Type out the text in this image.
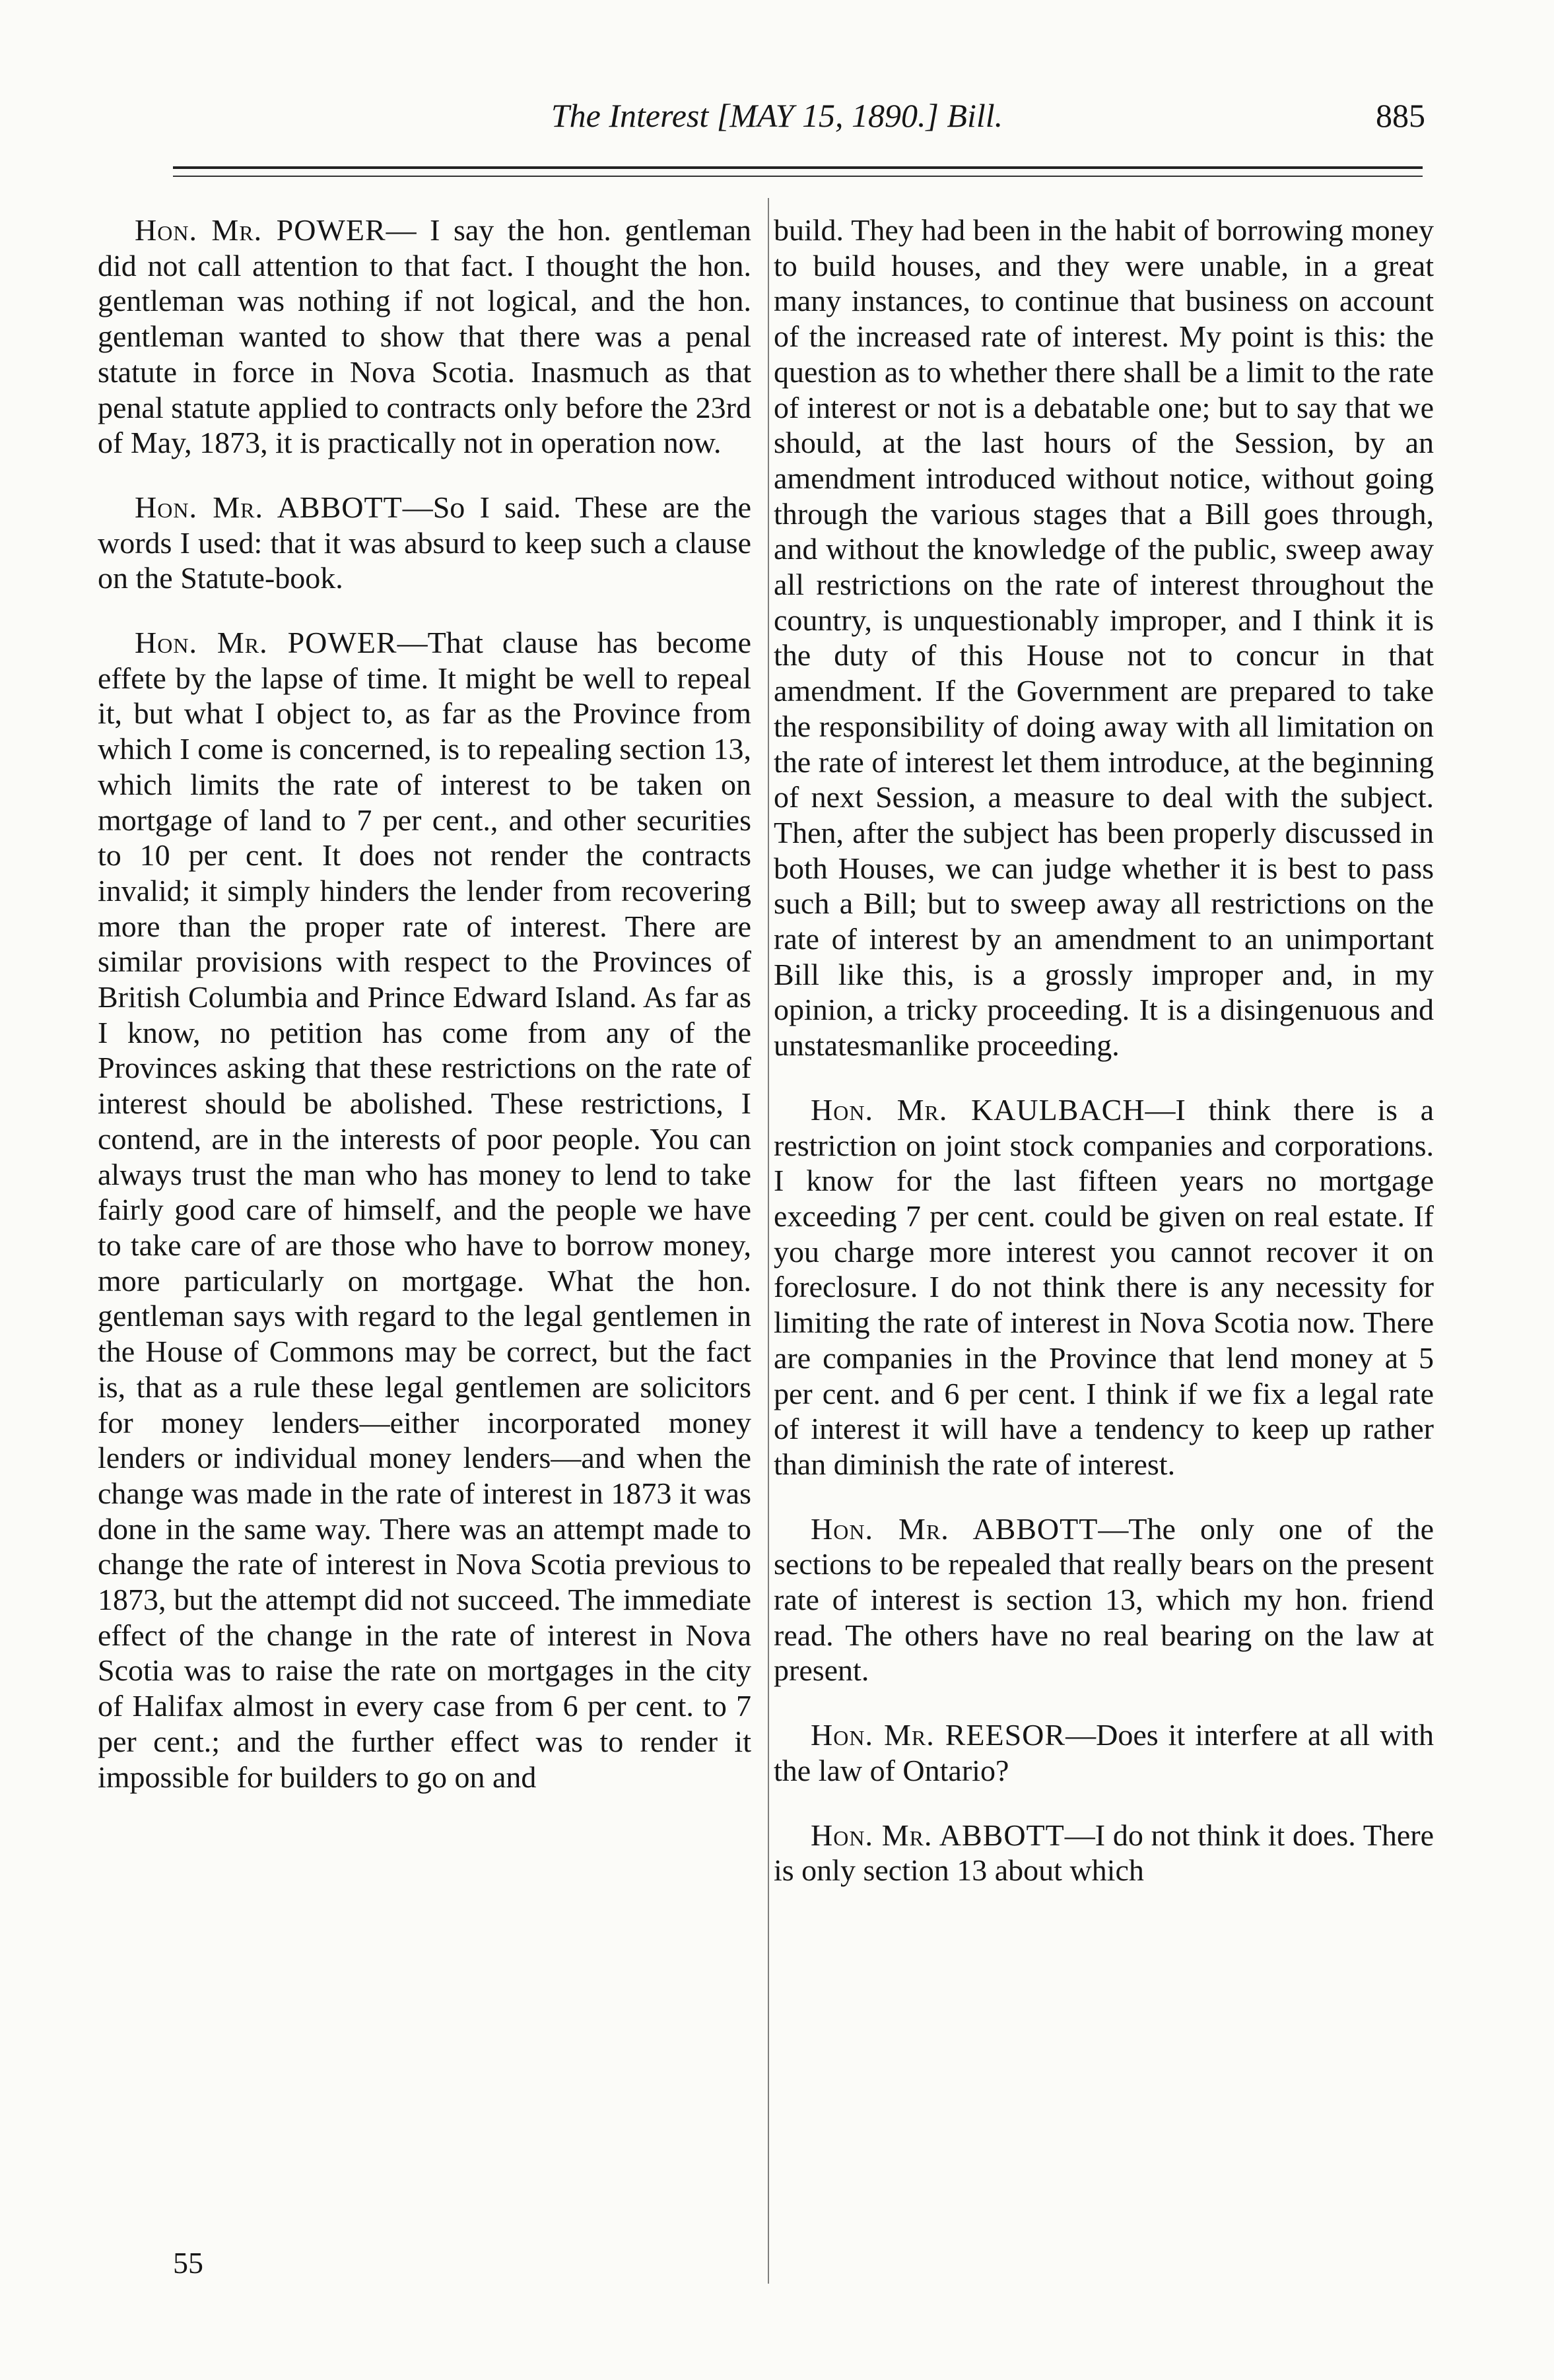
The Interest [MAY 15, 1890.] Bill.	885

Hon. Mr. POWER— I say the hon. gentleman did not call attention to that fact. I thought the hon. gentleman was nothing if not logical, and the hon. gentleman wanted to show that there was a penal statute in force in Nova Scotia. Inasmuch as that penal statute applied to contracts only before the 23rd of May, 1873, it is practically not in operation now.

Hon. Mr. ABBOTT—So I said. These are the words I used: that it was absurd to keep such a clause on the Statute-book.

Hon. Mr. POWER—That clause has become effete by the lapse of time. It might be well to repeal it, but what I object to, as far as the Province from which I come is concerned, is to repealing section 13, which limits the rate of interest to be taken on mortgage of land to 7 per cent., and other securities to 10 per cent. It does not render the contracts invalid; it simply hinders the lender from recovering more than the proper rate of interest. There are similar provisions with respect to the Provinces of British Columbia and Prince Edward Island. As far as I know, no petition has come from any of the Provinces asking that these restrictions on the rate of interest should be abolished. These restrictions, I contend, are in the interests of poor people. You can always trust the man who has money to lend to take fairly good care of himself, and the people we have to take care of are those who have to borrow money, more particularly on mortgage. What the hon. gentleman says with regard to the legal gentlemen in the House of Commons may be correct, but the fact is, that as a rule these legal gentlemen are solicitors for money lenders—either incorporated money lenders or individual money lenders—and when the change was made in the rate of interest in 1873 it was done in the same way. There was an attempt made to change the rate of interest in Nova Scotia previous to 1873, but the attempt did not succeed. The immediate effect of the change in the rate of interest in Nova Scotia was to raise the rate on mortgages in the city of Halifax almost in every case from 6 per cent. to 7 per cent.; and the further effect was to render it impossible for builders to go on and

build. They had been in the habit of borrowing money to build houses, and they were unable, in a great many instances, to continue that business on account of the increased rate of interest. My point is this: the question as to whether there shall be a limit to the rate of interest or not is a debatable one; but to say that we should, at the last hours of the Session, by an amendment introduced without notice, without going through the various stages that a Bill goes through, and without the knowledge of the public, sweep away all restrictions on the rate of interest throughout the country, is unquestionably improper, and I think it is the duty of this House not to concur in that amendment. If the Government are prepared to take the responsibility of doing away with all limitation on the rate of interest let them introduce, at the beginning of next Session, a measure to deal with the subject. Then, after the subject has been properly discussed in both Houses, we can judge whether it is best to pass such a Bill; but to sweep away all restrictions on the rate of interest by an amendment to an unimportant Bill like this, is a grossly improper and, in my opinion, a tricky proceeding. It is a disingenuous and unstatesmanlike proceeding.

Hon. Mr. KAULBACH—I think there is a restriction on joint stock companies and corporations. I know for the last fifteen years no mortgage exceeding 7 per cent. could be given on real estate. If you charge more interest you cannot recover it on foreclosure. I do not think there is any necessity for limiting the rate of interest in Nova Scotia now. There are companies in the Province that lend money at 5 per cent. and 6 per cent. I think if we fix a legal rate of interest it will have a tendency to keep up rather than diminish the rate of interest.

Hon. Mr. ABBOTT—The only one of the sections to be repealed that really bears on the present rate of interest is section 13, which my hon. friend read. The others have no real bearing on the law at present.

Hon. Mr. REESOR—Does it interfere at all with the law of Ontario?

Hon. Mr. ABBOTT—I do not think it does. There is only section 13 about which

55
